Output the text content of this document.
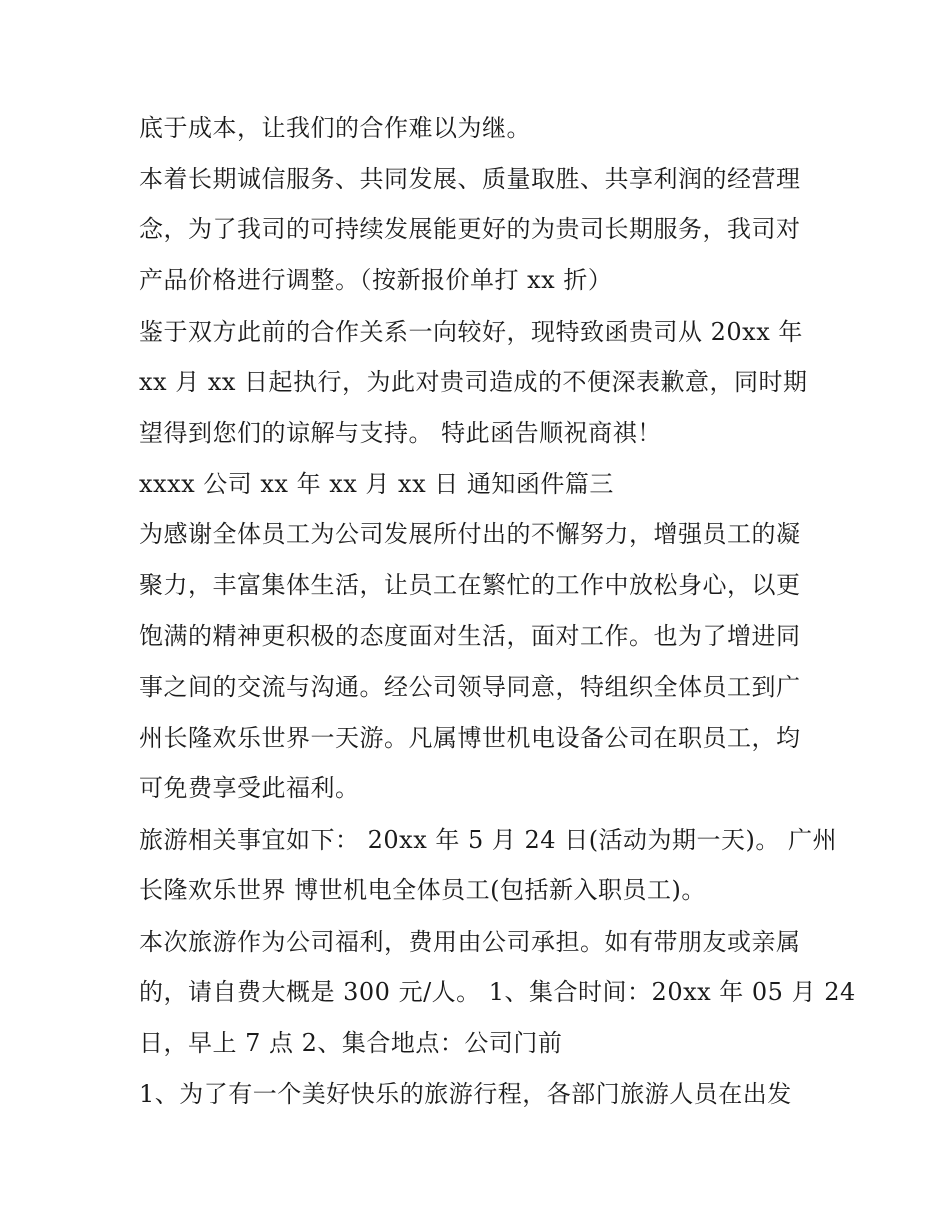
底于成本，让我们的合作难以为继。

本着长期诚信服务、共同发展、质量取胜、共享利润的经营理

念，为了我司的可持续发展能更好的为贵司长期服务，我司对

产品价格进行调整。（按新报价单打 xx 折）

鉴于双方此前的合作关系一向较好，现特致函贵司从 20xx 年

xx 月 xx 日起执行，为此对贵司造成的不便深表歉意，同时期

望得到您们的谅解与支持。 特此函告顺祝商祺！

xxxx 公司 xx 年 xx 月 xx 日 通知函件篇三

为感谢全体员工为公司发展所付出的不懈努力，增强员工的凝

聚力，丰富集体生活，让员工在繁忙的工作中放松身心，以更

饱满的精神更积极的态度面对生活，面对工作。也为了增进同

事之间的交流与沟通。经公司领导同意，特组织全体员工到广

州长隆欢乐世界一天游。凡属博世机电设备公司在职员工，均

可免费享受此福利。

旅游相关事宜如下： 20xx 年 5 月 24 日(活动为期一天)。 广州

长隆欢乐世界 博世机电全体员工(包括新入职员工)。

本次旅游作为公司福利，费用由公司承担。如有带朋友或亲属

的，请自费大概是 300 元/人。 1、集合时间：20xx 年 05 月 24

日，早上 7 点 2、集合地点：公司门前

1、为了有一个美好快乐的旅游行程，各部门旅游人员在出发
